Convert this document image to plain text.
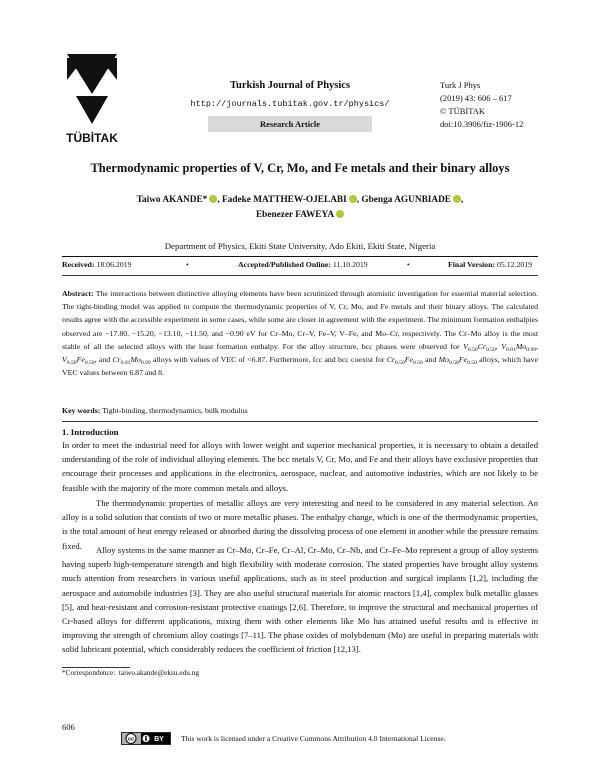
TÜBİTAK
Turkish Journal of Physics
http://journals.tubitak.gov.tr/physics/
Research Article
Turk J Phys
(2019) 43: 606 – 617
© TÜBİTAK
doi:10.3906/fiz-1906-12
Thermodynamic properties of V, Cr, Mo, and Fe metals and their binary alloys
Taiwo AKANDE* , Fadeke MATTHEW-OJELABI , Gbenga AGUNBIADE ,
Ebenezer FAWEYA
Department of Physics, Ekiti State University, Ado Ekiti, Ekiti State, Nigeria
Received: 18.06.2019	•	Accepted/Published Online: 11.10.2019	•	Final Version: 05.12.2019
Abstract: The interactions between distinctive alloying elements have been scrutinized through atomistic investigation for essential material selection. The tight-binding model was applied to compute the thermodynamic properties of V, Cr, Mo, and Fe metals and their binary alloys. The calculated results agree with the accessible experiment in some cases, while some are closer in agreement with the experiment. The minimum formation enthalpies observed are −17.80, −15.20, −13.10, −11.50, and −0.90 eV for Cr–Mo, Cr–V, Fe–V, V–Fe, and Mo–Cr, respectively. The Cr–Mo alloy is the most stable of all the selected alloys with the least formation enthalpy. For the alloy structure, bcc phases were observed for $V_{0.50}Cr_{0.50}$, $V_{0.01}Mo_{0.99}$, $V_{0.50}Fe_{0.50}$, and $Cr_{0.01}Mo_{0.99}$ alloys with values of VEC of <6.87. Furthermore, fcc and bcc coexist for $Cr_{0.50}Fe_{0.50}$ and $Mo_{0.50}Fe_{0.50}$ alloys, which have VEC values between 6.87 and 8.
Key words: Tight-binding, thermodynamics, bulk modulus
1. Introduction
In order to meet the industrial need for alloys with lower weight and superior mechanical properties, it is necessary to obtain a detailed understanding of the role of individual alloying elements. The bcc metals V, Cr, Mo, and Fe and their alloys have exclusive properties that encourage their processes and applications in the electronics, aerospace, nuclear, and automotive industries, which are not likely to be feasible with the majority of the more common metals and alloys.
The thermodynamic properties of metallic alloys are very interesting and need to be considered in any material selection. An alloy is a solid solution that consists of two or more metallic phases. The enthalpy change, which is one of the thermodynamic properties, is the total amount of heat energy released or absorbed during the dissolving process of one element in another while the pressure remains fixed.	Alloy systems in the same manner as Cr–Mo, Cr–Fe, Cr–Al, Cr–Mo, Cr–Nb, and Cr–Fe–Mo represent a group of alloy systems having superb high-temperature strength and high flexibility with moderate corrosion. The stated properties have brought alloy systems much attention from researchers in various useful applications, such as in steel production and surgical implants [1,2], including the aerospace and automobile industries [3]. They are also useful structural materials for atomic reactors [1,4], complex bulk metallic glasses [5], and heat-resistant and corrosion-resistant protective coatings [2,6]. Therefore, to improve the structural and mechanical properties of Cr-based alloys for different applications, mixing them with other elements like Mo has attained useful results and is effective in improving the strength of chromium alloy coatings [7–11]. The phase oxides of molybdenum (Mo) are useful in preparing materials with solid lubricant potential, which considerably reduces the coefficient of friction [12,13].
*Correspondence: taiwo.akande@eksu.edu.ng
606
cc	BY This work is licensed under a Creative Commons Attribution 4.0 International License.
